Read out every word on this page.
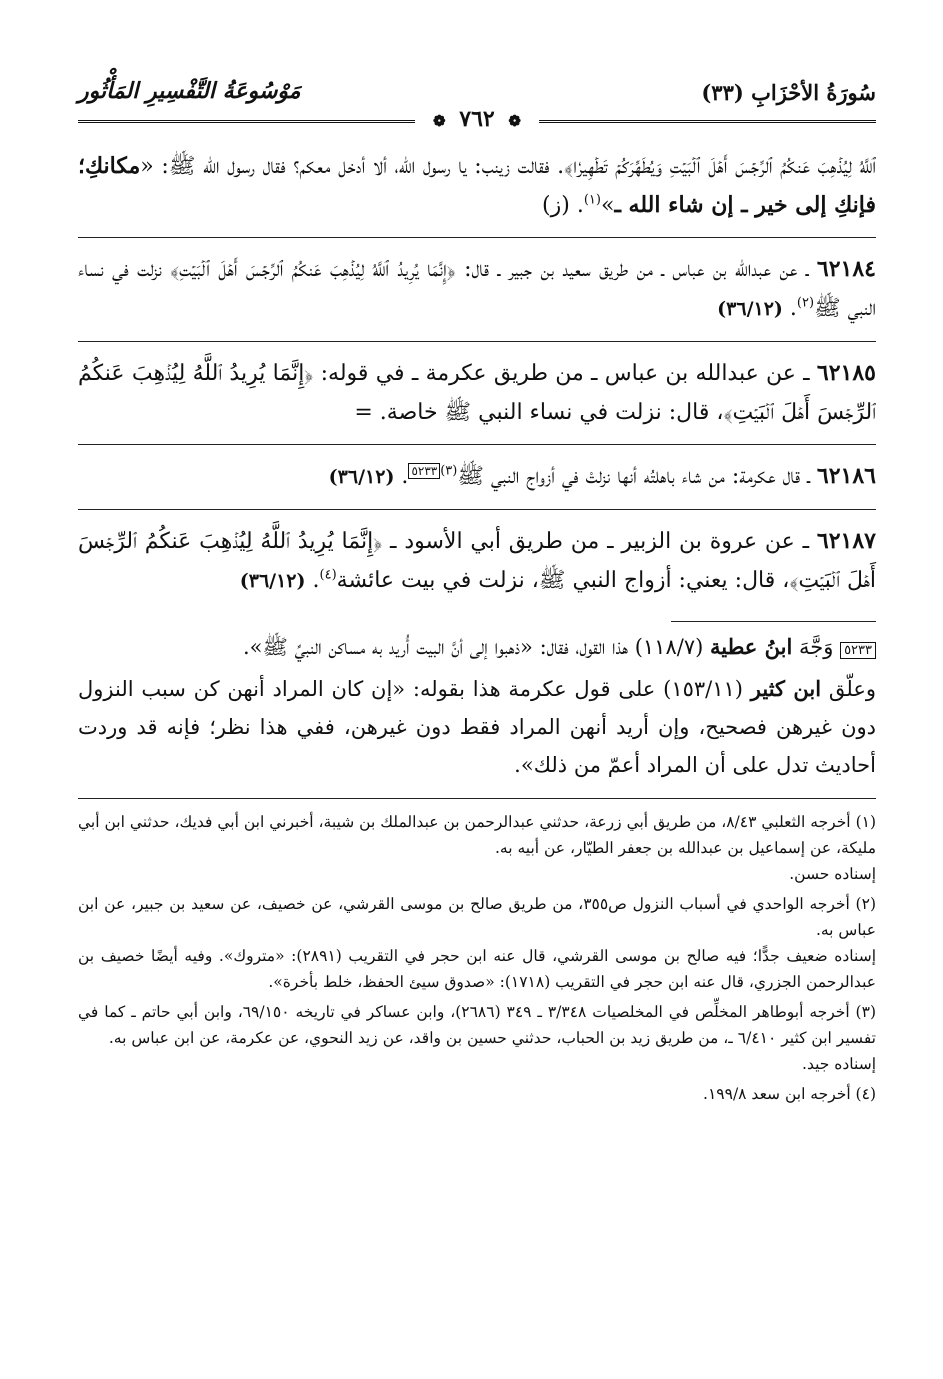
سُورَةُ الأحْزَابِ (٣٣)
مَوْسُوعَةُ التَّفْسِيرِ المَأْثُور
❁ ٧٦٢ ❁

ٱللَّهُ لِيُذۡهِبَ عَنكُمُ ٱلرِّجۡسَ أَهۡلَ ٱلۡبَيۡتِ وَيُطَهِّرَكُمۡ تَطۡهِيرٗا﴾. فقالت زينب: يا رسول الله، ألا أدخل معكم؟ فقال رسول الله ﷺ: «مكانكِ؛ فإنكِ إلى خير ـ إن شاء الله ـ»$^{(١)}$. (ز)

٦٢١٨٤ ـ عن عبدالله بن عباس ـ من طريق سعيد بن جبير ـ قال: ﴿إِنَّمَا يُرِيدُ ٱللَّهُ لِيُذۡهِبَ عَنكُمُ ٱلرِّجۡسَ أَهۡلَ ٱلۡبَيۡتِ﴾ نزلت في نساء النبي ﷺ$^{(٢)}$. (٣٦/١٢)

٦٢١٨٥ ـ عن عبدالله بن عباس ـ من طريق عكرمة ـ في قوله: ﴿إِنَّمَا يُرِيدُ ٱللَّهُ لِيُذۡهِبَ عَنكُمُ ٱلرِّجۡسَ أَهۡلَ ٱلۡبَيۡتِ﴾، قال: نزلت في نساء النبي ﷺ خاصة. =

٦٢١٨٦ ـ قال عكرمة: من شاء باهلتُه أنها نزلتْ في أزواج النبي ﷺ$^{(٣)٥٢٣٣}$. (٣٦/١٢)

٦٢١٨٧ ـ عن عروة بن الزبير ـ من طريق أبي الأسود ـ ﴿إِنَّمَا يُرِيدُ ٱللَّهُ لِيُذۡهِبَ عَنكُمُ ٱلرِّجۡسَ أَهۡلَ ٱلۡبَيۡتِ﴾، قال: يعني: أزواج النبي ﷺ، نزلت في بيت عائشة$^{(٤)}$. (٣٦/١٢)

٥٢٣٣ وَجَّهَ ابنُ عطية (١١٨/٧) هذا القول، فقال: «ذهبوا إلى أنَّ البيت أُريد به مساكن النبيِّ ﷺ».

وعلّق ابن كثير (١٥٣/١١) على قول عكرمة هذا بقوله: «إن كان المراد أنهن كن سبب النزول دون غيرهن فصحيح، وإن أريد أنهن المراد فقط دون غيرهن، ففي هذا نظر؛ فإنه قد وردت أحاديث تدل على أن المراد أعمّ من ذلك».

(١) أخرجه الثعلبي ٨/٤٣، من طريق أبي زرعة، حدثني عبدالرحمن بن عبدالملك بن شيبة، أخبرني ابن أبي فديك، حدثني ابن أبي مليكة، عن إسماعيل بن عبدالله بن جعفر الطيّار، عن أبيه به.

إسناده حسن.

(٢) أخرجه الواحدي في أسباب النزول ص٣٥٥، من طريق صالح بن موسى القرشي، عن خصيف، عن سعيد بن جبير، عن ابن عباس به.

إسناده ضعيف جدًّا؛ فيه صالح بن موسى القرشي، قال عنه ابن حجر في التقريب (٢٨٩١): «متروك». وفيه أيضًا خصيف بن عبدالرحمن الجزري، قال عنه ابن حجر في التقريب (١٧١٨): «صدوق سيئ الحفظ، خلط بأخرة».

(٣) أخرجه أبوطاهر المخلِّص في المخلصيات ٣/٣٤٨ ـ ٣٤٩ (٢٦٨٦)، وابن عساكر في تاريخه ٦٩/١٥٠، وابن أبي حاتم ـ كما في تفسير ابن كثير ٦/٤١٠ ـ، من طريق زيد بن الحباب، حدثني حسين بن واقد، عن زيد النحوي، عن عكرمة، عن ابن عباس به.

إسناده جيد.

(٤) أخرجه ابن سعد ١٩٩/٨.
